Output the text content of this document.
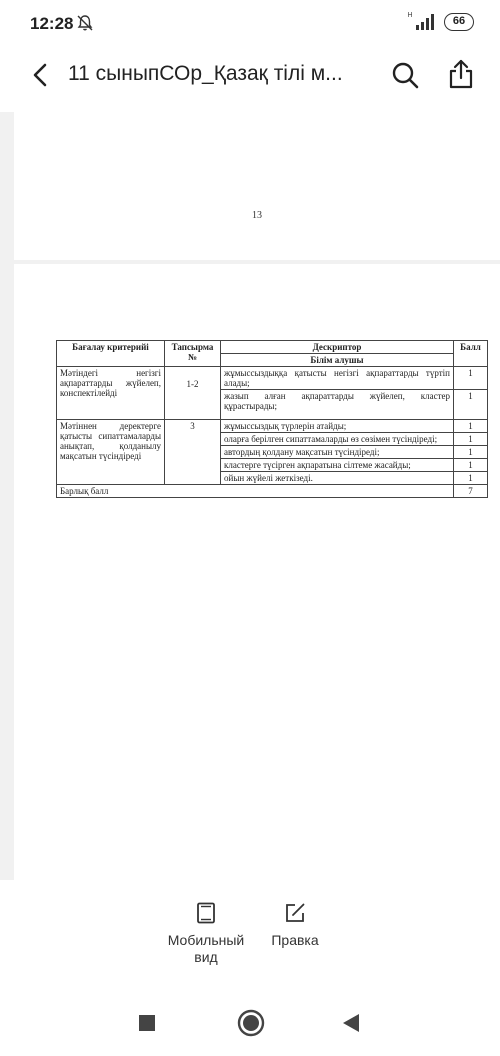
12:28	H	66
11 сыныпСОр_Қазақ тілі м...
13
Бағалау критерийі	Тапсырма №	Дескриптор	Балл
		Білім алушы	
Мәтіндегі негізгі ақпараттарды жүйелеп, конспектілейді	1-2	жұмыссыздыққа қатысты негізгі ақпараттарды түртіп алады;	1
		жазып алған ақпараттарды жүйелеп, кластер құрастырады;	1
Мәтіннен деректерге қатысты сипаттамаларды анықтап, қолданылу мақсатын түсіндіреді	3	жұмыссыздық түрлерін атайды;	1
		оларға берілген сипаттамаларды өз сөзімен түсіндіреді;	1
		автордың қолдану мақсатын түсіндіреді;	1
		кластерге түсірген ақпаратына сілтеме жасайды;	1
		ойын жүйелі жеткізеді.	1
Барлық балл			7
Мобильный вид
Правка
